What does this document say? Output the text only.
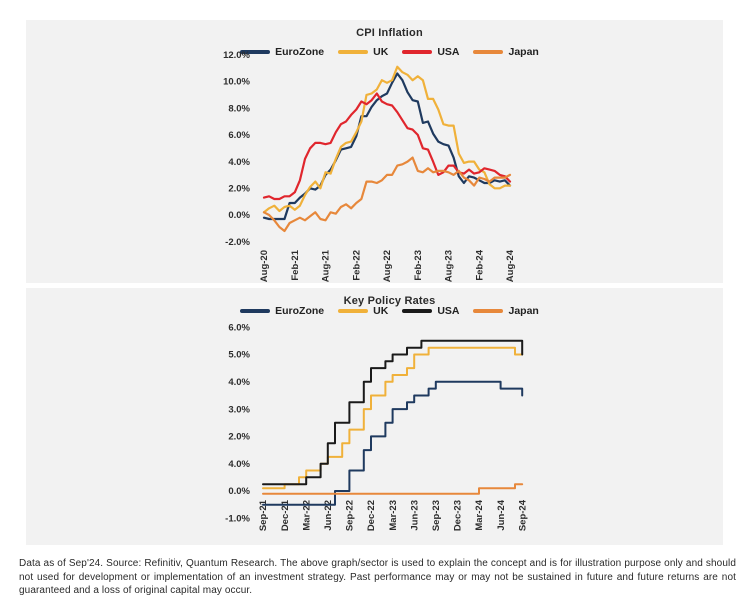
CPI Inflation
EuroZone	UK	USA	Japan
12.0%
10.0%
8.0%
6.0%
4.0%
2.0%
0.0%
-2.0%
Aug-20 Feb-21 Aug-21 Feb-22 Aug-22 Feb-23 Aug-23 Feb-24 Aug-24
Key Policy Rates
EuroZone	UK	USA	Japan
6.0%
5.0%
4.0%
3.0%
2.0%
4.0%
0.0%
-1.0% Sep-21 Dec-21 Mar-22 Jun-22 Sep-22 Dec-22 Mar-23 Jun-23 Sep-23 Dec-23 Mar-24 Jun-24 Sep-24
Data as of Sep'24. Source: Refinitiv, Quantum Research. The above graph/sector is used to explain the concept and is for illustration purpose only and should not used for development or implementation of an investment strategy. Past performance may or may not be sustained in future and future returns are not guaranteed and a loss of original capital may occur.
